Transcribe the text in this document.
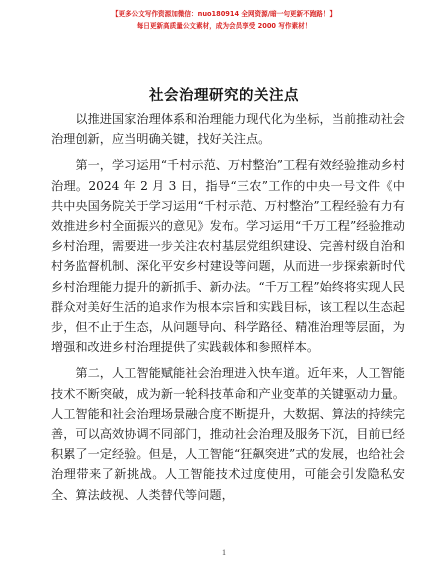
【更多公文写作资源加微信：nuo180914 全网资源/暗一句更新不跑路！】
每日更新高质量公文素材，成为会员享受 2000 写作素材！
社会治理研究的关注点

以推进国家治理体系和治理能力现代化为坐标，当前推动社会治理创新，应当明确关键，找好关注点。

第一，学习运用“千村示范、万村整治”工程有效经验推动乡村治理。2024 年 2 月 3 日，指导“三农”工作的中央一号文件《中共中央国务院关于学习运用“千村示范、万村整治”工程经验有力有效推进乡村全面振兴的意见》发布。学习运用“千万工程”经验推动乡村治理，需要进一步关注农村基层党组织建设、完善村级自治和村务监督机制、深化平安乡村建设等问题，从而进一步探索新时代乡村治理能力提升的新抓手、新办法。“千万工程”始终将实现人民群众对美好生活的追求作为根本宗旨和实践目标，该工程以生态起步，但不止于生态，从问题导向、科学路径、精准治理等层面，为增强和改进乡村治理提供了实践载体和参照样本。

第二，人工智能赋能社会治理进入快车道。近年来，人工智能技术不断突破，成为新一轮科技革命和产业变革的关键驱动力量。人工智能和社会治理场景融合度不断提升，大数据、算法的持续完善，可以高效协调不同部门，推动社会治理及服务下沉，目前已经积累了一定经验。但是，人工智能“狂飙突进”式的发展，也给社会治理带来了新挑战。人工智能技术过度使用，可能会引发隐私安全、算法歧视、人类替代等问题，

1
